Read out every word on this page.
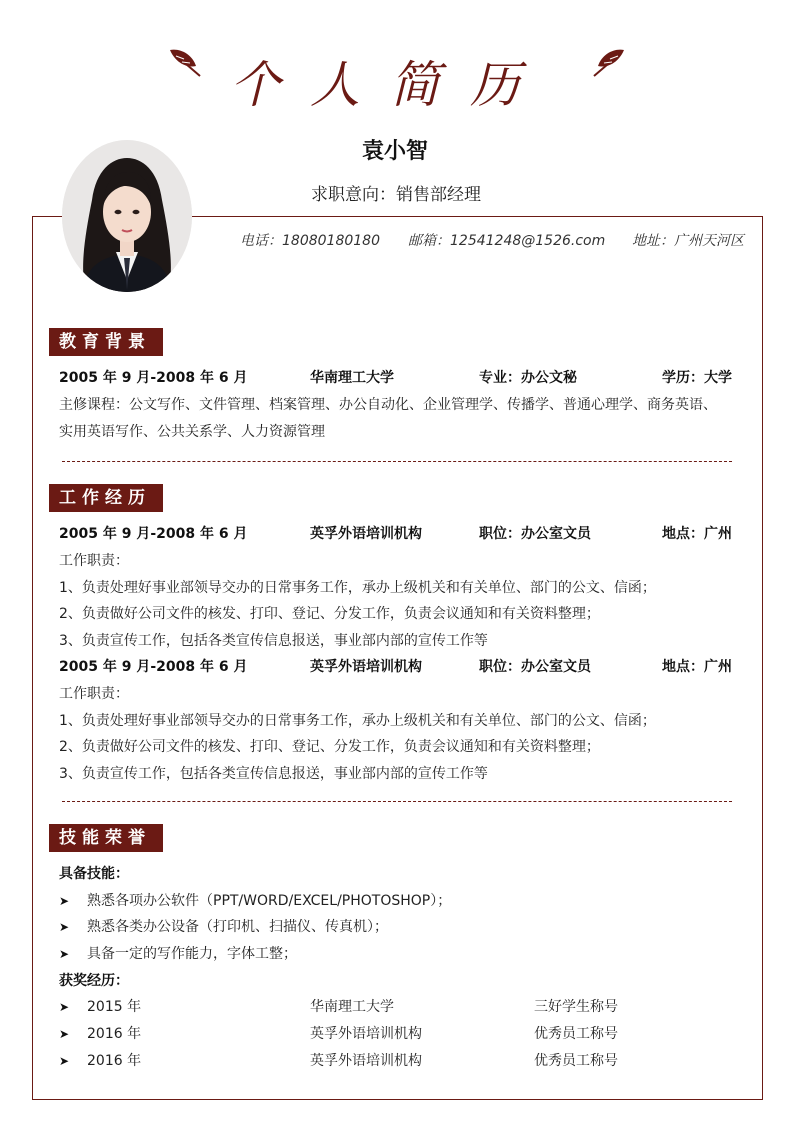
个人简历
袁小智
求职意向：销售部经理
电话：18080180180 邮箱：12541248@1526.com 地址：广州天河区
教育背景
2005 年 9 月-2008 年 6 月	华南理工大学	专业：办公文秘	学历：大学
主修课程：公文写作、文件管理、档案管理、办公自动化、企业管理学、传播学、普通心理学、商务英语、
实用英语写作、公共关系学、人力资源管理
工作经历
2005 年 9 月-2008 年 6 月	英孚外语培训机构	职位：办公室文员	地点：广州
工作职责：
1、负责处理好事业部领导交办的日常事务工作，承办上级机关和有关单位、部门的公文、信函；
2、负责做好公司文件的核发、打印、登记、分发工作，负责会议通知和有关资料整理；
3、负责宣传工作，包括各类宣传信息报送，事业部内部的宣传工作等
2005 年 9 月-2008 年 6 月	英孚外语培训机构	职位：办公室文员	地点：广州
工作职责：
1、负责处理好事业部领导交办的日常事务工作，承办上级机关和有关单位、部门的公文、信函；
2、负责做好公司文件的核发、打印、登记、分发工作，负责会议通知和有关资料整理；
3、负责宣传工作，包括各类宣传信息报送，事业部内部的宣传工作等
技能荣誉
具备技能：
➤ 熟悉各项办公软件（PPT/WORD/EXCEL/PHOTOSHOP）；
➤ 熟悉各类办公设备（打印机、扫描仪、传真机）；
➤ 具备一定的写作能力，字体工整；
获奖经历：
➤ 2015 年	华南理工大学	三好学生称号
➤ 2016 年	英孚外语培训机构	优秀员工称号
➤ 2016 年	英孚外语培训机构	优秀员工称号
